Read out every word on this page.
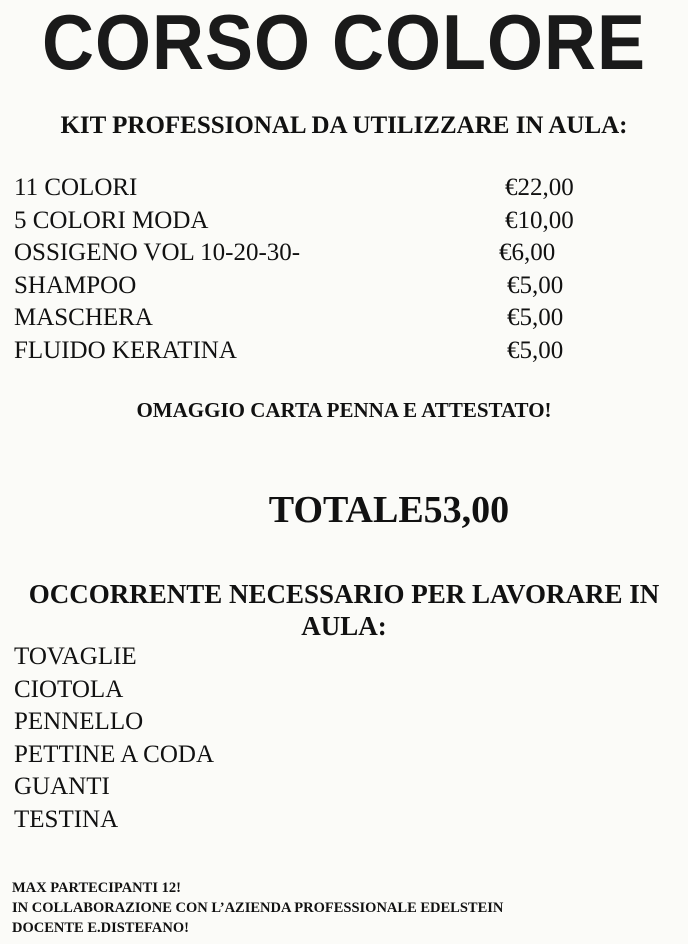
CORSO COLORE
KIT PROFESSIONAL DA UTILIZZARE IN AULA:
11 COLORI	€22,00
5 COLORI MODA	€10,00
OSSIGENO VOL 10-20-30-	€6,00
SHAMPOO	€5,00
MASCHERA	€5,00
FLUIDO KERATINA	€5,00
OMAGGIO CARTA PENNA E ATTESTATO!
TOTALE53,00
OCCORRENTE NECESSARIO PER LAVORARE IN
AULA:
TOVAGLIE
CIOTOLA
PENNELLO
PETTINE A CODA
GUANTI
TESTINA
MAX PARTECIPANTI 12!
IN COLLABORAZIONE CON L’AZIENDA PROFESSIONALE EDELSTEIN
DOCENTE E.DISTEFANO!
